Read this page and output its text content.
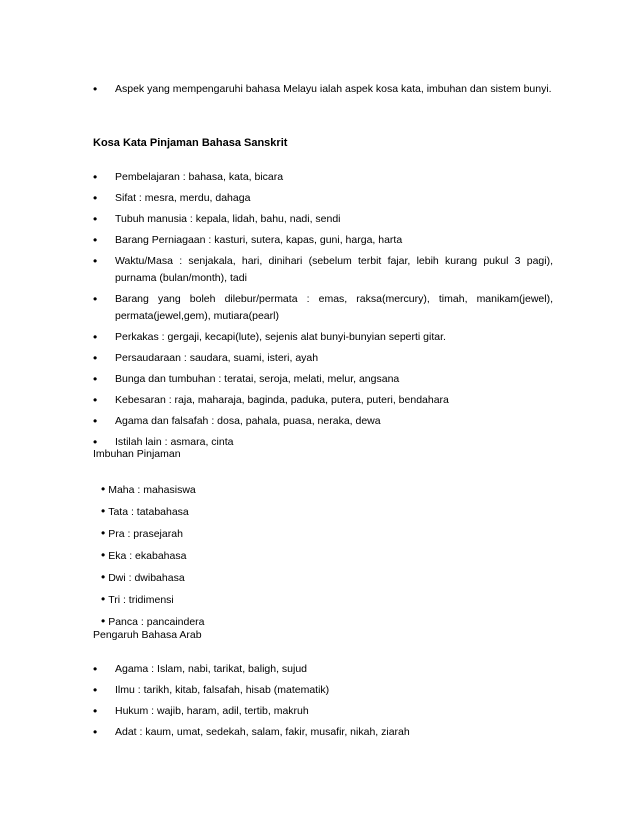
• Aspek yang mempengaruhi bahasa Melayu ialah aspek kosa kata, imbuhan dan sistem bunyi.
Kosa Kata Pinjaman Bahasa Sanskrit
• Pembelajaran : bahasa, kata, bicara
• Sifat : mesra, merdu, dahaga
• Tubuh manusia : kepala, lidah, bahu, nadi, sendi
• Barang Perniagaan : kasturi, sutera, kapas, guni, harga, harta
• Waktu/Masa : senjakala, hari, dinihari (sebelum terbit fajar, lebih kurang pukul 3 pagi), purnama (bulan/month), tadi
• Barang yang boleh dilebur/permata : emas, raksa(mercury), timah, manikam(jewel), permata(jewel,gem), mutiara(pearl)
• Perkakas : gergaji, kecapi(lute), sejenis alat bunyi-bunyian seperti gitar.
• Persaudaraan : saudara, suami, isteri, ayah
• Bunga dan tumbuhan : teratai, seroja, melati, melur, angsana
• Kebesaran : raja, maharaja, baginda, paduka, putera, puteri, bendahara
• Agama dan falsafah : dosa, pahala, puasa, neraka, dewa
• Istilah lain : asmara, cinta
Imbuhan Pinjaman
• Maha : mahasiswa
• Tata : tatabahasa
• Pra : prasejarah
• Eka : ekabahasa
• Dwi : dwibahasa
• Tri : tridimensi
• Panca : pancaindera
Pengaruh Bahasa Arab
• Agama : Islam, nabi, tarikat, baligh, sujud
• Ilmu : tarikh, kitab, falsafah, hisab (matematik)
• Hukum : wajib, haram, adil, tertib, makruh
• Adat : kaum, umat, sedekah, salam, fakir, musafir, nikah, ziarah
